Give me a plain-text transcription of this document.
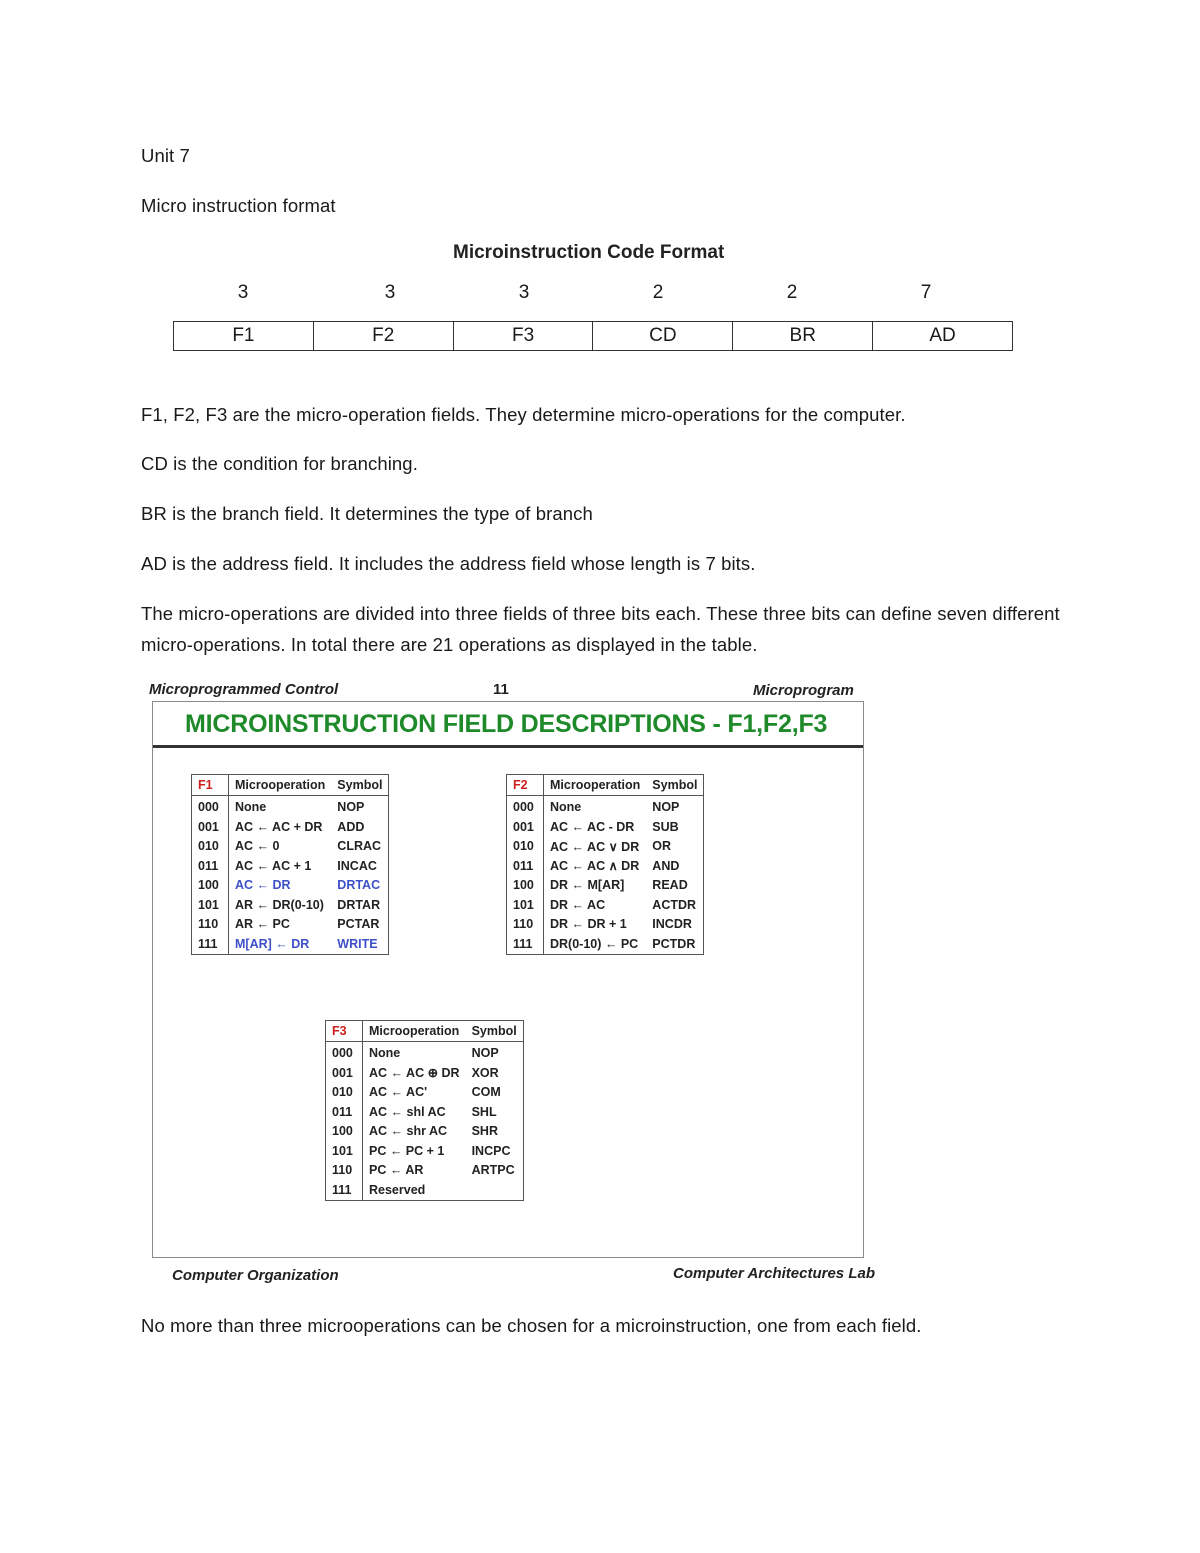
Unit 7

Micro instruction format

Microinstruction Code Format
3	3	3	2	2	7
F1	F2	F3	CD	BR	AD

F1, F2, F3 are the micro-operation fields. They determine micro-operations for the computer.

CD is the condition for branching.

BR is the branch field. It determines the type of branch

AD is the address field. It includes the address field whose length is 7 bits.

The micro-operations are divided into three fields of three bits each. These three bits can define seven different micro-operations. In total there are 21 operations as displayed in the table.

Microprogrammed Control	11	Microprogram
MICROINSTRUCTION FIELD DESCRIPTIONS - F1,F2,F3
F1	Microoperation	Symbol
000	None	NOP
001	AC ← AC + DR	ADD
010	AC ← 0	CLRAC
011	AC ← AC + 1	INCAC
100	AC ← DR	DRTAC
101	AR ← DR(0-10)	DRTAR
110	AR ← PC	PCTAR
111	M[AR] ← DR	WRITE
F2	Microoperation	Symbol
000	None	NOP
001	AC ← AC - DR	SUB
010	AC ← AC ∨ DR	OR
011	AC ← AC ∧ DR	AND
100	DR ← M[AR]	READ
101	DR ← AC	ACTDR
110	DR ← DR + 1	INCDR
111	DR(0-10) ← PC	PCTDR
F3	Microoperation	Symbol
000	None	NOP
001	AC ← AC ⊕ DR	XOR
010	AC ← AC'	COM
011	AC ← shl AC	SHL
100	AC ← shr AC	SHR
101	PC ← PC + 1	INCPC
110	PC ← AR	ARTPC
111	Reserved	
Computer Organization	Computer Architectures Lab

No more than three microoperations can be chosen for a microinstruction, one from each field.
